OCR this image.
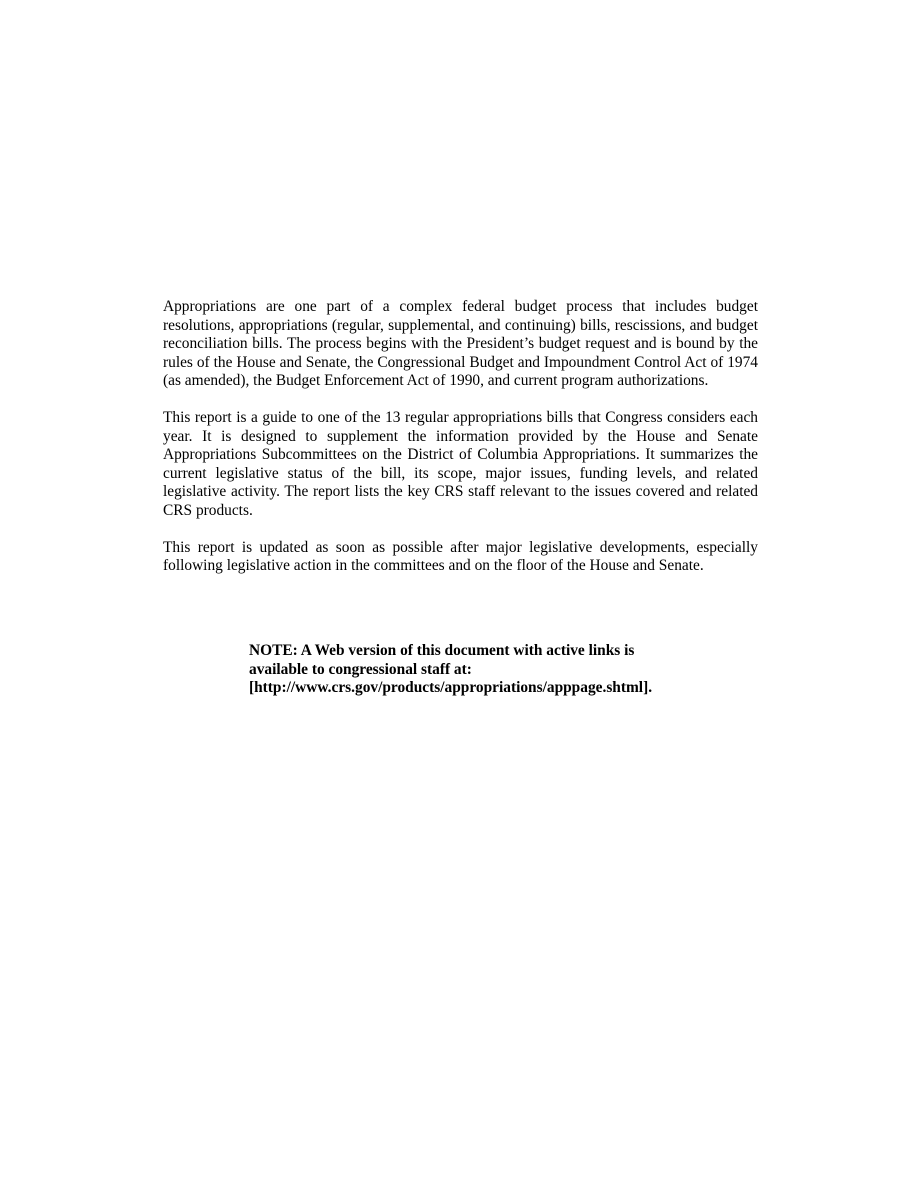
Appropriations are one part of a complex federal budget process that includes budget resolutions, appropriations (regular, supplemental, and continuing) bills, rescissions, and budget reconciliation bills. The process begins with the President’s budget request and is bound by the rules of the House and Senate, the Congressional Budget and Impoundment Control Act of 1974 (as amended), the Budget Enforcement Act of 1990, and current program authorizations.

This report is a guide to one of the 13 regular appropriations bills that Congress considers each year. It is designed to supplement the information provided by the House and Senate Appropriations Subcommittees on the District of Columbia Appropriations. It summarizes the current legislative status of the bill, its scope, major issues, funding levels, and related legislative activity. The report lists the key CRS staff relevant to the issues covered and related CRS products.

This report is updated as soon as possible after major legislative developments, especially following legislative action in the committees and on the floor of the House and Senate.

NOTE: A Web version of this document with active links is
available to congressional staff at:
[http://www.crs.gov/products/appropriations/apppage.shtml].
